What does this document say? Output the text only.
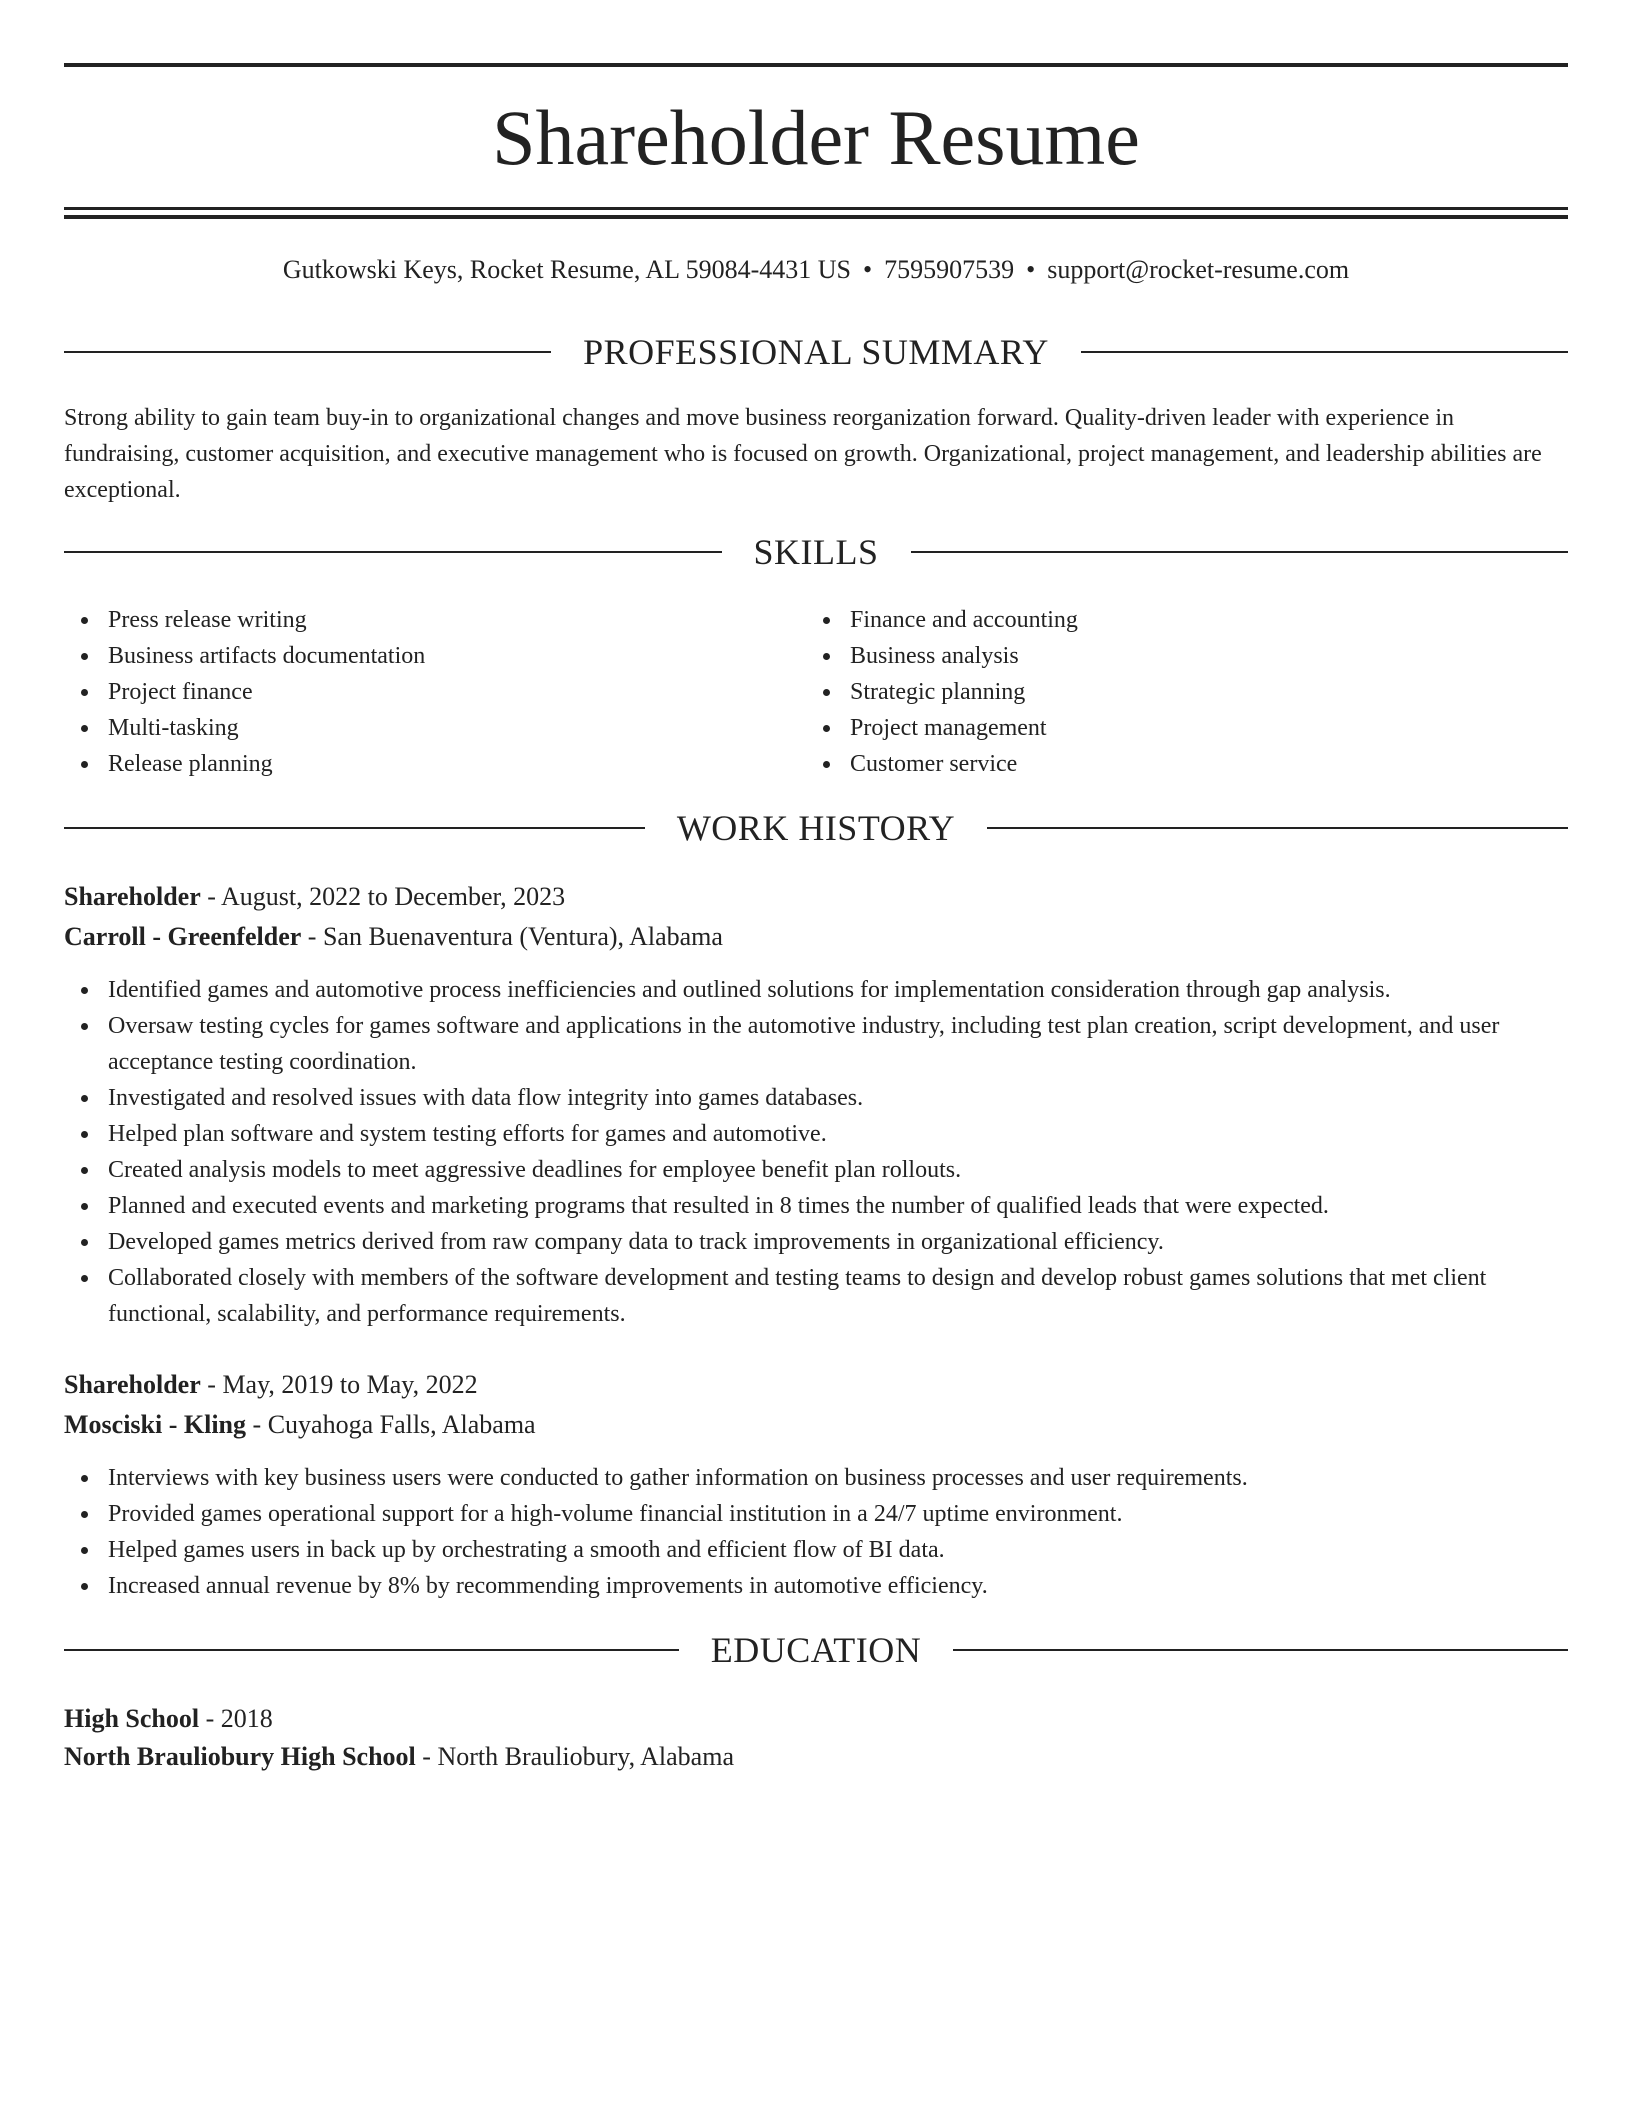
Shareholder Resume
Gutkowski Keys, Rocket Resume, AL 59084-4431 US • 7595907539 • support@rocket-resume.com
PROFESSIONAL SUMMARY

Strong ability to gain team buy-in to organizational changes and move business reorganization forward. Quality-driven leader with experience in fundraising, customer acquisition, and executive management who is focused on growth. Organizational, project management, and leadership abilities are exceptional.

SKILLS
Press release writing
Business artifacts documentation
Project finance
Multi-tasking
Release planning
Finance and accounting
Business analysis
Strategic planning
Project management
Customer service
WORK HISTORY
Shareholder - August, 2022 to December, 2023
Carroll - Greenfelder - San Buenaventura (Ventura), Alabama
Identified games and automotive process inefficiencies and outlined solutions for implementation consideration through gap analysis.
Oversaw testing cycles for games software and applications in the automotive industry, including test plan creation, script development, and user acceptance testing coordination.
Investigated and resolved issues with data flow integrity into games databases.
Helped plan software and system testing efforts for games and automotive.
Created analysis models to meet aggressive deadlines for employee benefit plan rollouts.
Planned and executed events and marketing programs that resulted in 8 times the number of qualified leads that were expected.
Developed games metrics derived from raw company data to track improvements in organizational efficiency.
Collaborated closely with members of the software development and testing teams to design and develop robust games solutions that met client functional, scalability, and performance requirements.
Shareholder - May, 2019 to May, 2022
Mosciski - Kling - Cuyahoga Falls, Alabama
Interviews with key business users were conducted to gather information on business processes and user requirements.
Provided games operational support for a high-volume financial institution in a 24/7 uptime environment.
Helped games users in back up by orchestrating a smooth and efficient flow of BI data.
Increased annual revenue by 8% by recommending improvements in automotive efficiency.
EDUCATION
High School - 2018
North Brauliobury High School - North Brauliobury, Alabama
